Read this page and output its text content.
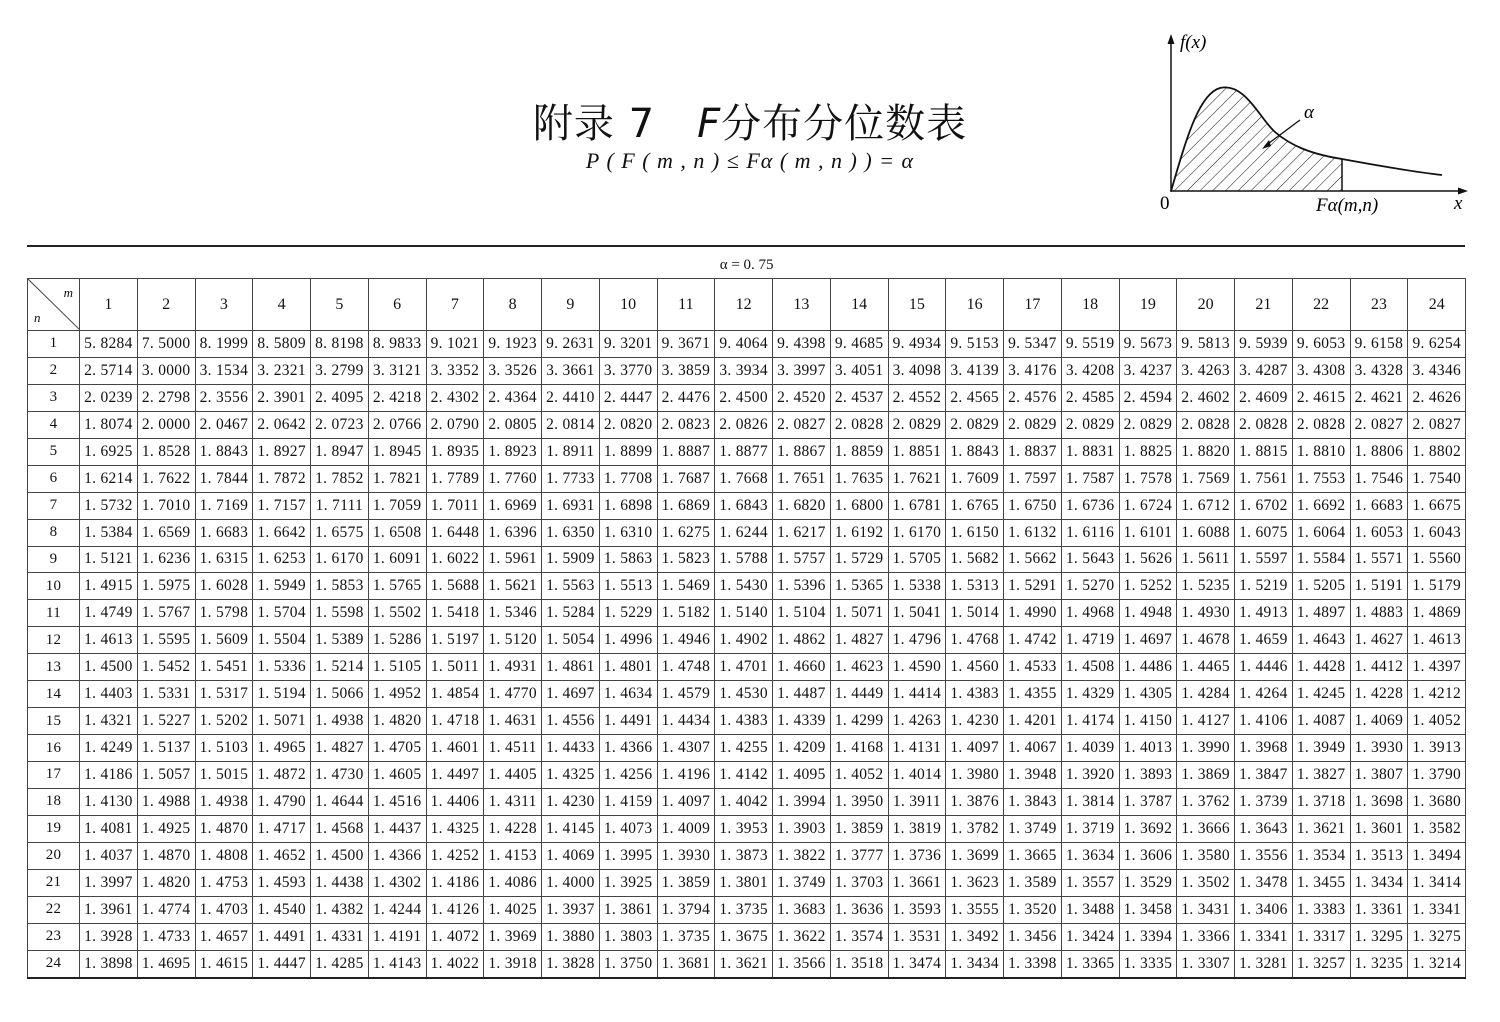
附录 7 F分布分位数表
P ( F ( m , n ) ≤ Fα ( m , n ) ) = α
f(x)
α
0	Fα(m,n)	x
α = 0. 75																								

m
n	1	2	3	4	5	6	7	8	9	10	11	12	13	14	15	16	17	18	19	20	21	22	23	24
1	5. 8284	7. 5000	8. 1999	8. 5809	8. 8198	8. 9833	9. 1021	9. 1923	9. 2631	9. 3201	9. 3671	9. 4064	9. 4398	9. 4685	9. 4934	9. 5153	9. 5347	9. 5519	9. 5673	9. 5813	9. 5939	9. 6053	9. 6158	9. 6254
2	2. 5714	3. 0000	3. 1534	3. 2321	3. 2799	3. 3121	3. 3352	3. 3526	3. 3661	3. 3770	3. 3859	3. 3934	3. 3997	3. 4051	3. 4098	3. 4139	3. 4176	3. 4208	3. 4237	3. 4263	3. 4287	3. 4308	3. 4328	3. 4346
3	2. 0239	2. 2798	2. 3556	2. 3901	2. 4095	2. 4218	2. 4302	2. 4364	2. 4410	2. 4447	2. 4476	2. 4500	2. 4520	2. 4537	2. 4552	2. 4565	2. 4576	2. 4585	2. 4594	2. 4602	2. 4609	2. 4615	2. 4621	2. 4626
4	1. 8074	2. 0000	2. 0467	2. 0642	2. 0723	2. 0766	2. 0790	2. 0805	2. 0814	2. 0820	2. 0823	2. 0826	2. 0827	2. 0828	2. 0829	2. 0829	2. 0829	2. 0829	2. 0829	2. 0828	2. 0828	2. 0828	2. 0827	2. 0827
5	1. 6925	1. 8528	1. 8843	1. 8927	1. 8947	1. 8945	1. 8935	1. 8923	1. 8911	1. 8899	1. 8887	1. 8877	1. 8867	1. 8859	1. 8851	1. 8843	1. 8837	1. 8831	1. 8825	1. 8820	1. 8815	1. 8810	1. 8806	1. 8802
6	1. 6214	1. 7622	1. 7844	1. 7872	1. 7852	1. 7821	1. 7789	1. 7760	1. 7733	1. 7708	1. 7687	1. 7668	1. 7651	1. 7635	1. 7621	1. 7609	1. 7597	1. 7587	1. 7578	1. 7569	1. 7561	1. 7553	1. 7546	1. 7540
7	1. 5732	1. 7010	1. 7169	1. 7157	1. 7111	1. 7059	1. 7011	1. 6969	1. 6931	1. 6898	1. 6869	1. 6843	1. 6820	1. 6800	1. 6781	1. 6765	1. 6750	1. 6736	1. 6724	1. 6712	1. 6702	1. 6692	1. 6683	1. 6675
8	1. 5384	1. 6569	1. 6683	1. 6642	1. 6575	1. 6508	1. 6448	1. 6396	1. 6350	1. 6310	1. 6275	1. 6244	1. 6217	1. 6192	1. 6170	1. 6150	1. 6132	1. 6116	1. 6101	1. 6088	1. 6075	1. 6064	1. 6053	1. 6043
9	1. 5121	1. 6236	1. 6315	1. 6253	1. 6170	1. 6091	1. 6022	1. 5961	1. 5909	1. 5863	1. 5823	1. 5788	1. 5757	1. 5729	1. 5705	1. 5682	1. 5662	1. 5643	1. 5626	1. 5611	1. 5597	1. 5584	1. 5571	1. 5560
10	1. 4915	1. 5975	1. 6028	1. 5949	1. 5853	1. 5765	1. 5688	1. 5621	1. 5563	1. 5513	1. 5469	1. 5430	1. 5396	1. 5365	1. 5338	1. 5313	1. 5291	1. 5270	1. 5252	1. 5235	1. 5219	1. 5205	1. 5191	1. 5179
11	1. 4749	1. 5767	1. 5798	1. 5704	1. 5598	1. 5502	1. 5418	1. 5346	1. 5284	1. 5229	1. 5182	1. 5140	1. 5104	1. 5071	1. 5041	1. 5014	1. 4990	1. 4968	1. 4948	1. 4930	1. 4913	1. 4897	1. 4883	1. 4869
12	1. 4613	1. 5595	1. 5609	1. 5504	1. 5389	1. 5286	1. 5197	1. 5120	1. 5054	1. 4996	1. 4946	1. 4902	1. 4862	1. 4827	1. 4796	1. 4768	1. 4742	1. 4719	1. 4697	1. 4678	1. 4659	1. 4643	1. 4627	1. 4613
13	1. 4500	1. 5452	1. 5451	1. 5336	1. 5214	1. 5105	1. 5011	1. 4931	1. 4861	1. 4801	1. 4748	1. 4701	1. 4660	1. 4623	1. 4590	1. 4560	1. 4533	1. 4508	1. 4486	1. 4465	1. 4446	1. 4428	1. 4412	1. 4397
14	1. 4403	1. 5331	1. 5317	1. 5194	1. 5066	1. 4952	1. 4854	1. 4770	1. 4697	1. 4634	1. 4579	1. 4530	1. 4487	1. 4449	1. 4414	1. 4383	1. 4355	1. 4329	1. 4305	1. 4284	1. 4264	1. 4245	1. 4228	1. 4212
15	1. 4321	1. 5227	1. 5202	1. 5071	1. 4938	1. 4820	1. 4718	1. 4631	1. 4556	1. 4491	1. 4434	1. 4383	1. 4339	1. 4299	1. 4263	1. 4230	1. 4201	1. 4174	1. 4150	1. 4127	1. 4106	1. 4087	1. 4069	1. 4052
16	1. 4249	1. 5137	1. 5103	1. 4965	1. 4827	1. 4705	1. 4601	1. 4511	1. 4433	1. 4366	1. 4307	1. 4255	1. 4209	1. 4168	1. 4131	1. 4097	1. 4067	1. 4039	1. 4013	1. 3990	1. 3968	1. 3949	1. 3930	1. 3913
17	1. 4186	1. 5057	1. 5015	1. 4872	1. 4730	1. 4605	1. 4497	1. 4405	1. 4325	1. 4256	1. 4196	1. 4142	1. 4095	1. 4052	1. 4014	1. 3980	1. 3948	1. 3920	1. 3893	1. 3869	1. 3847	1. 3827	1. 3807	1. 3790
18	1. 4130	1. 4988	1. 4938	1. 4790	1. 4644	1. 4516	1. 4406	1. 4311	1. 4230	1. 4159	1. 4097	1. 4042	1. 3994	1. 3950	1. 3911	1. 3876	1. 3843	1. 3814	1. 3787	1. 3762	1. 3739	1. 3718	1. 3698	1. 3680
19	1. 4081	1. 4925	1. 4870	1. 4717	1. 4568	1. 4437	1. 4325	1. 4228	1. 4145	1. 4073	1. 4009	1. 3953	1. 3903	1. 3859	1. 3819	1. 3782	1. 3749	1. 3719	1. 3692	1. 3666	1. 3643	1. 3621	1. 3601	1. 3582
20	1. 4037	1. 4870	1. 4808	1. 4652	1. 4500	1. 4366	1. 4252	1. 4153	1. 4069	1. 3995	1. 3930	1. 3873	1. 3822	1. 3777	1. 3736	1. 3699	1. 3665	1. 3634	1. 3606	1. 3580	1. 3556	1. 3534	1. 3513	1. 3494
21	1. 3997	1. 4820	1. 4753	1. 4593	1. 4438	1. 4302	1. 4186	1. 4086	1. 4000	1. 3925	1. 3859	1. 3801	1. 3749	1. 3703	1. 3661	1. 3623	1. 3589	1. 3557	1. 3529	1. 3502	1. 3478	1. 3455	1. 3434	1. 3414
22	1. 3961	1. 4774	1. 4703	1. 4540	1. 4382	1. 4244	1. 4126	1. 4025	1. 3937	1. 3861	1. 3794	1. 3735	1. 3683	1. 3636	1. 3593	1. 3555	1. 3520	1. 3488	1. 3458	1. 3431	1. 3406	1. 3383	1. 3361	1. 3341
23	1. 3928	1. 4733	1. 4657	1. 4491	1. 4331	1. 4191	1. 4072	1. 3969	1. 3880	1. 3803	1. 3735	1. 3675	1. 3622	1. 3574	1. 3531	1. 3492	1. 3456	1. 3424	1. 3394	1. 3366	1. 3341	1. 3317	1. 3295	1. 3275
24	1. 3898	1. 4695	1. 4615	1. 4447	1. 4285	1. 4143	1. 4022	1. 3918	1. 3828	1. 3750	1. 3681	1. 3621	1. 3566	1. 3518	1. 3474	1. 3434	1. 3398	1. 3365	1. 3335	1. 3307	1. 3281	1. 3257	1. 3235	1. 3214
